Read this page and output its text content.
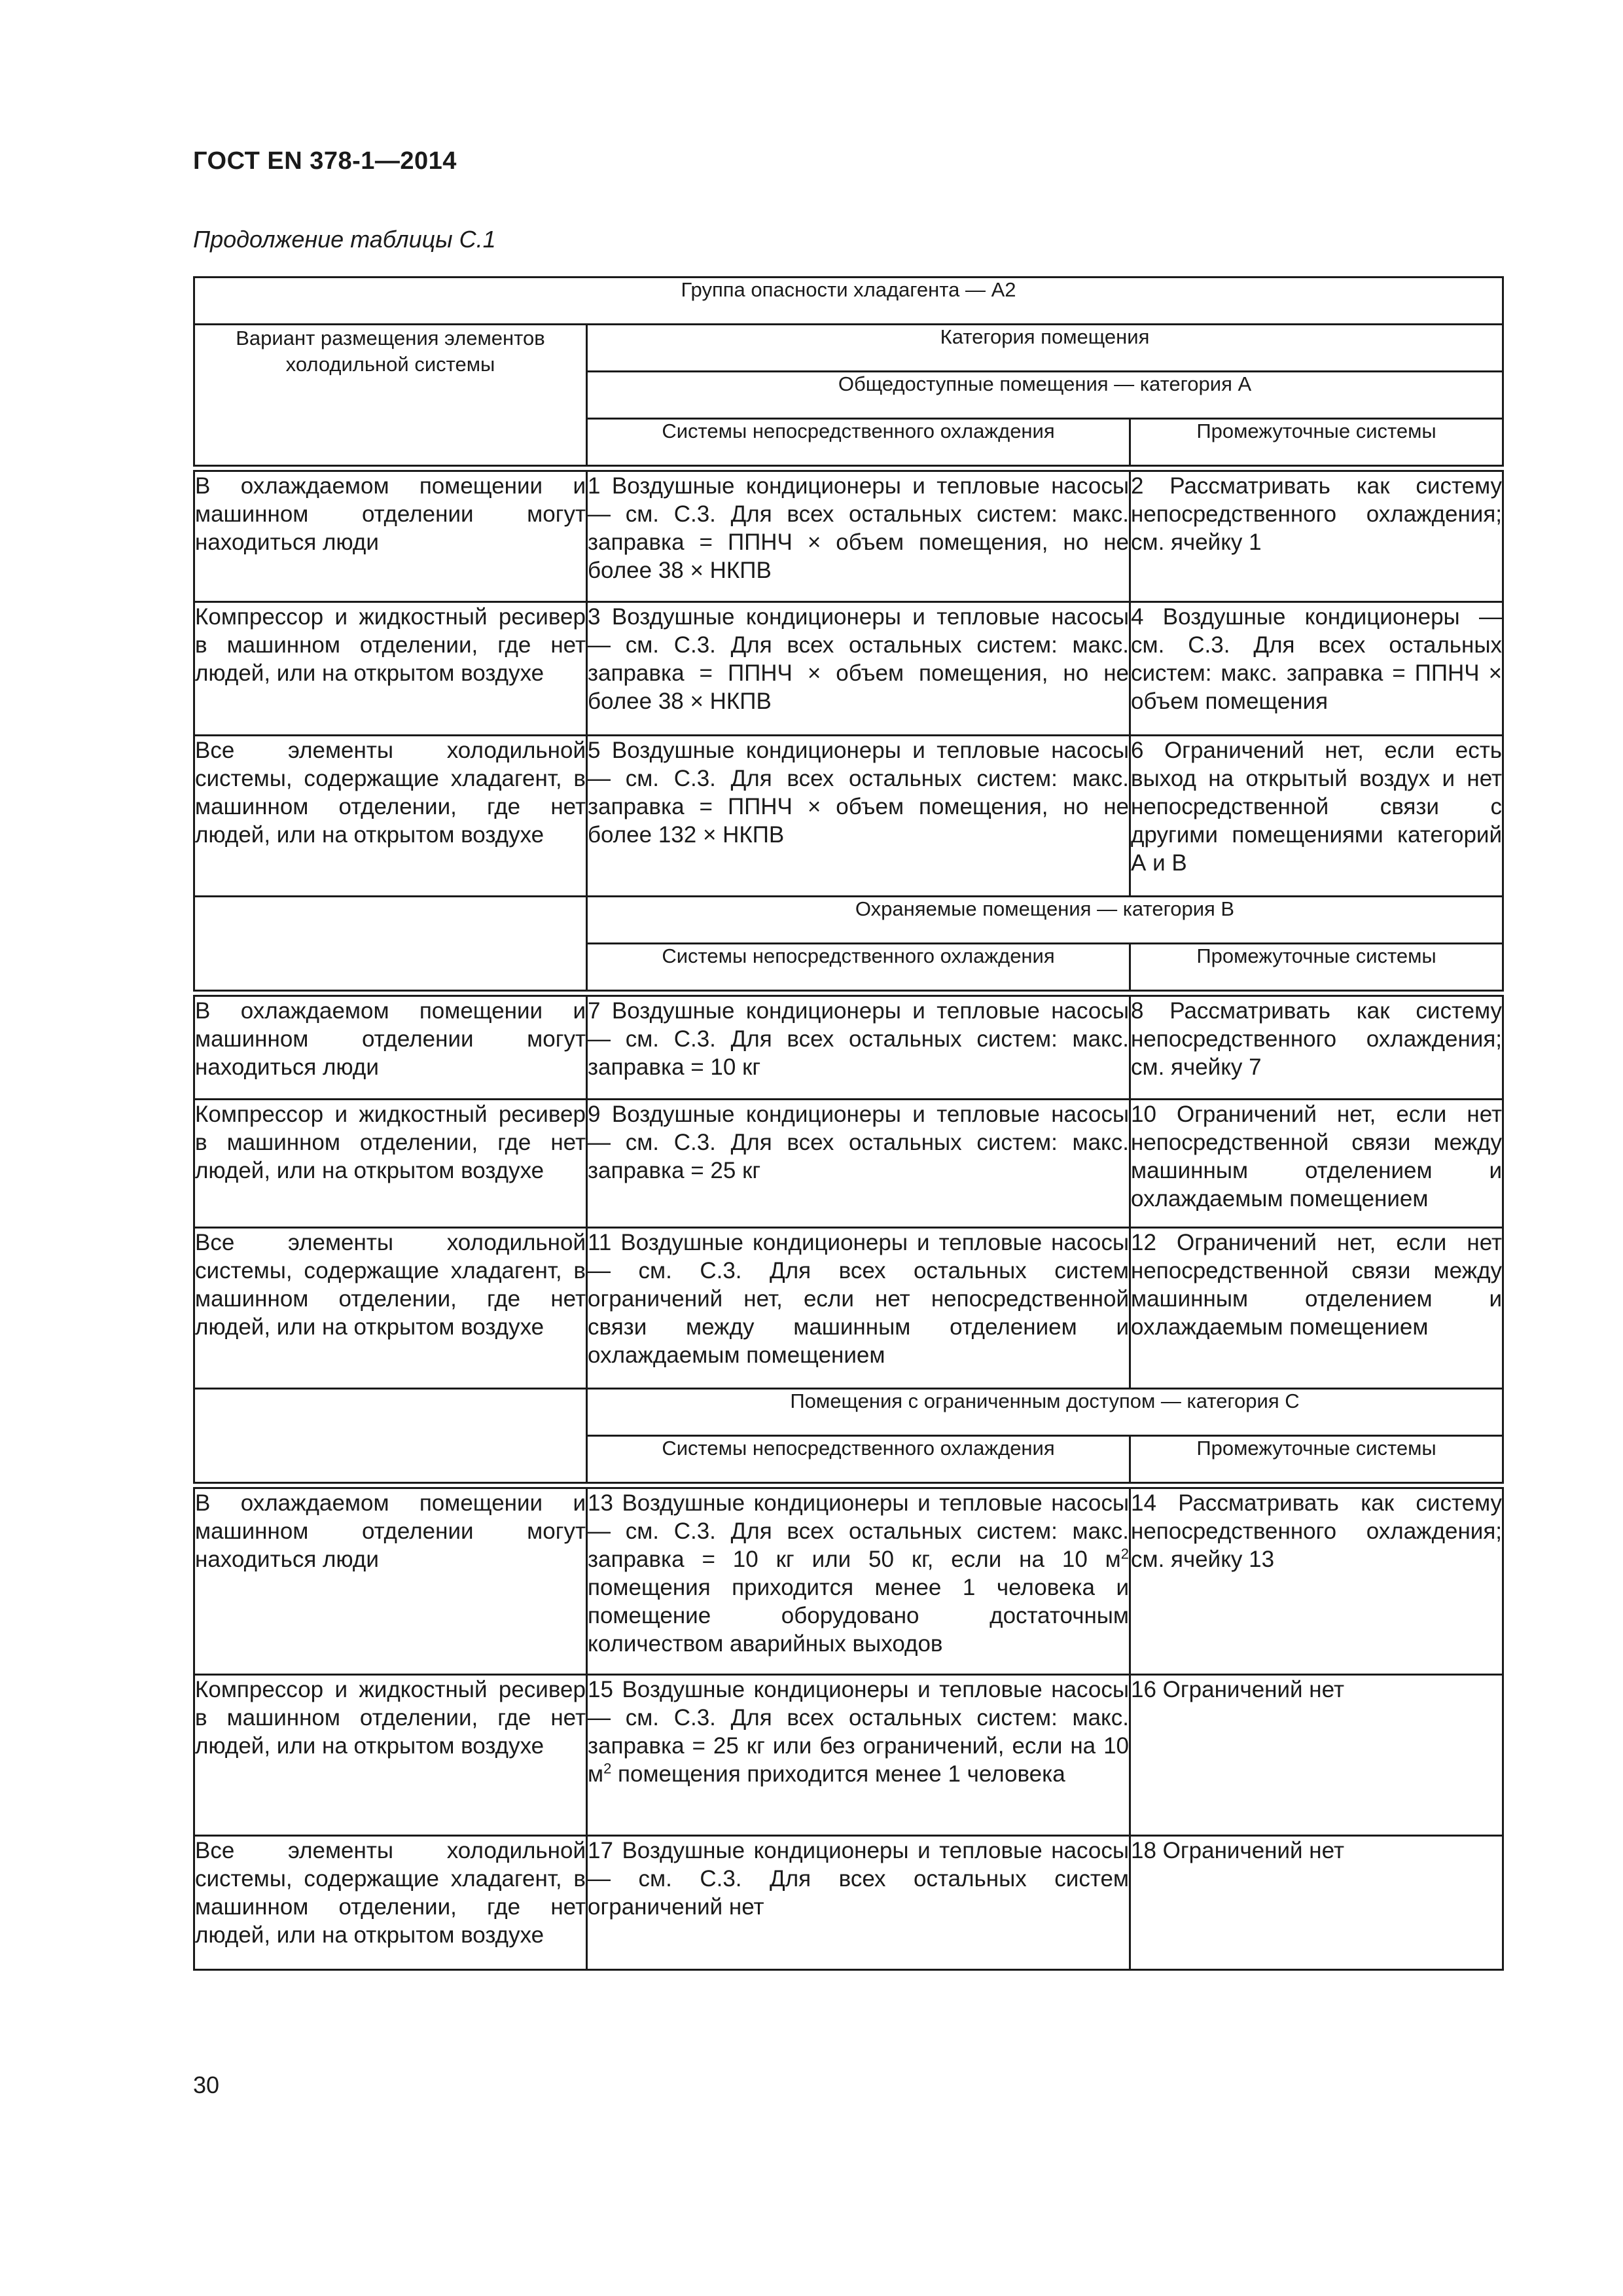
ГОСТ EN 378-1—2014
Продолжение таблицы С.1
Группа опасности хладагента — А2		
Вариант размещения элементов холодильной системы	Категория помещения	
	Общедоступные помещения — категория А	
	Системы непосредственного охлаждения	Промежуточные системы

В охлаждаемом помещении и машинном отделении могут находиться люди	1 Воздушные кондиционеры и тепловые насосы — см. С.3. Для всех остальных систем: макс. заправка = ППНЧ × объем помещения, но не более 38 × НКПВ	2 Рассматривать как систему непосредственного охлаждения; см. ячейку 1
Компрессор и жидкостный ресивер в машинном отделении, где нет людей, или на открытом воздухе	3 Воздушные кондиционеры и тепловые насосы — см. С.3. Для всех остальных систем: макс. заправка = ППНЧ × объем помещения, но не более 38 × НКПВ	4 Воздушные кондиционеры — см. С.3. Для всех остальных систем: макс. заправка = ППНЧ × объем помещения
Все элементы холодильной системы, содержащие хладагент, в машинном отделении, где нет людей, или на открытом воздухе	5 Воздушные кондиционеры и тепловые насосы — см. С.3. Для всех остальных систем: макс. заправка = ППНЧ × объем помещения, но не более 132 × НКПВ	6 Ограничений нет, если есть выход на открытый воздух и нет непосредственной связи с другими помещениями категорий А и В
	Охраняемые помещения — категория В	
	Системы непосредственного охлаждения	Промежуточные системы

В охлаждаемом помещении и машинном отделении могут находиться люди	7 Воздушные кондиционеры и тепловые насосы — см. С.3. Для всех остальных систем: макс. заправка = 10 кг	8 Рассматривать как систему непосредственного охлаждения; см. ячейку 7
Компрессор и жидкостный ресивер в машинном отделении, где нет людей, или на открытом воздухе	9 Воздушные кондиционеры и тепловые насосы — см. С.3. Для всех остальных систем: макс. заправка = 25 кг	10 Ограничений нет, если нет непосредственной связи между машинным отделением и охлаждаемым помещением
Все элементы холодильной системы, содержащие хладагент, в машинном отделении, где нет людей, или на открытом воздухе	11 Воздушные кондиционеры и тепловые насосы — см. С.3. Для всех остальных систем ограничений нет, если нет непосредственной связи между машинным отделением и охлаждаемым помещением	12 Ограничений нет, если нет непосредственной связи между машинным отделением и охлаждаемым помещением
	Помещения с ограниченным доступом — категория С	
	Системы непосредственного охлаждения	Промежуточные системы

В охлаждаемом помещении и машинном отделении могут находиться люди	13 Воздушные кондиционеры и тепловые насосы — см. С.3. Для всех остальных систем: макс. заправка = 10 кг или 50 кг, если на 10 $м^2$ помещения приходится менее 1 человека и помещение оборудовано достаточным количеством аварийных выходов	14 Рассматривать как систему непосредственного охлаждения; см. ячейку 13
Компрессор и жидкостный ресивер в машинном отделении, где нет людей, или на открытом воздухе	15 Воздушные кондиционеры и тепловые насосы — см. С.3. Для всех остальных систем: макс. заправка = 25 кг или без ограничений, если на 10 $м^2$ помещения приходится менее 1 человека	16 Ограничений нет
Все элементы холодильной системы, содержащие хладагент, в машинном отделении, где нет людей, или на открытом воздухе	17 Воздушные кондиционеры и тепловые насосы — см. С.3. Для всех остальных систем ограничений нет	18 Ограничений нет
30
